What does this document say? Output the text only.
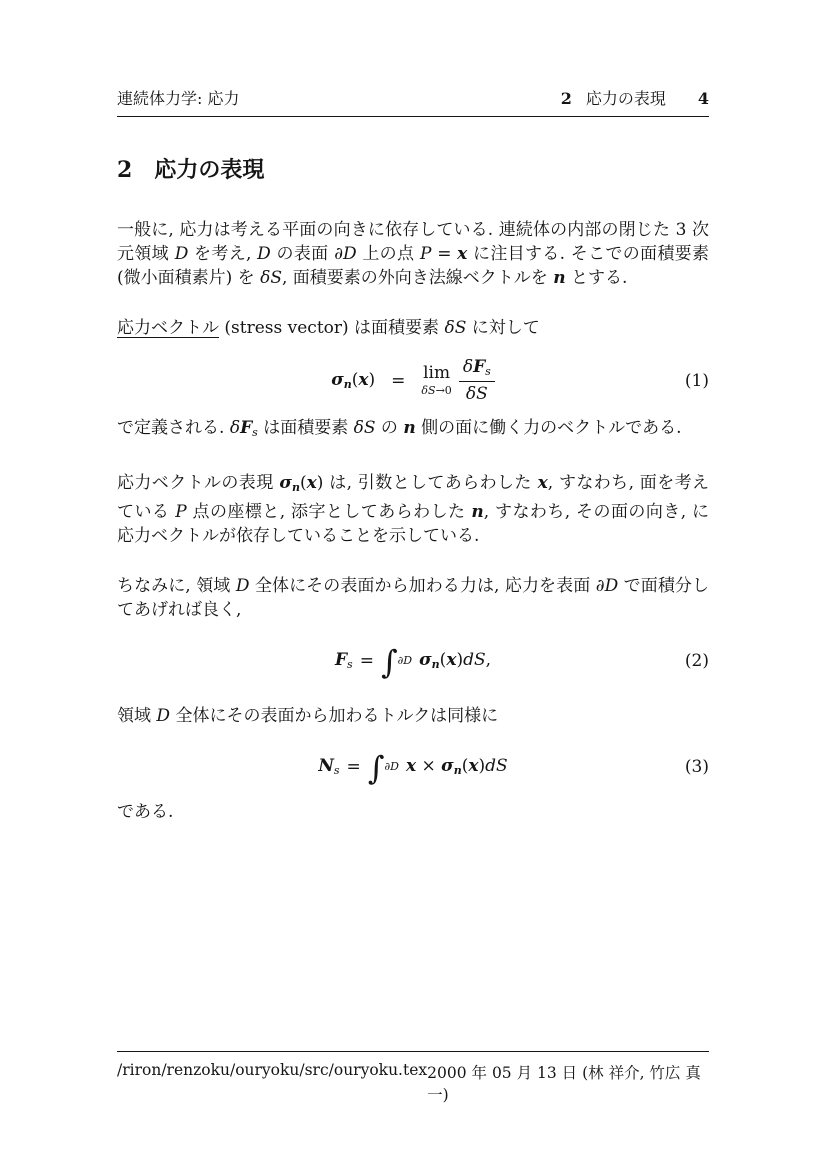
連続体力学: 応力	2 応力の表現 4
2 応力の表現
一般に, 応力は考える平面の向きに依存している. 連続体の内部の閉じた 3 次元領域 D を考え, D の表面 ∂D 上の点 P = x に注目する. そこでの面積要素 (微小面積素片) を δS, 面積要素の外向き法線ベクトルを n とする.
応力ベクトル (stress vector) は面積要素 δS に対して
σn(x) = lim
$\delta S\to 0 \frac{\text{δFs}}{\delta S}$	(1)
で定義される. δFs は面積要素 δS の n 側の面に働く力のベクトルである.
応力ベクトルの表現 σn(x) は, 引数としてあらわした x, すなわち, 面を考えている P 点の座標と, 添字としてあらわした n, すなわち, その面の向き, に応力ベクトルが依存していることを示している.
ちなみに, 領域 D 全体にその表面から加わる力は, 応力を表面 ∂D で面積分してあげれば良く,
Fs = ∫ ∂D σn(x)dS,	(2)
領域 D 全体にその表面から加わるトルクは同様に
Ns = ∫ ∂D x × σn(x)dS	(3)
である.
/riron/renzoku/ouryoku/src/ouryoku.tex 2000 年 05 月 13 日 (林 祥介, 竹広 真一)
